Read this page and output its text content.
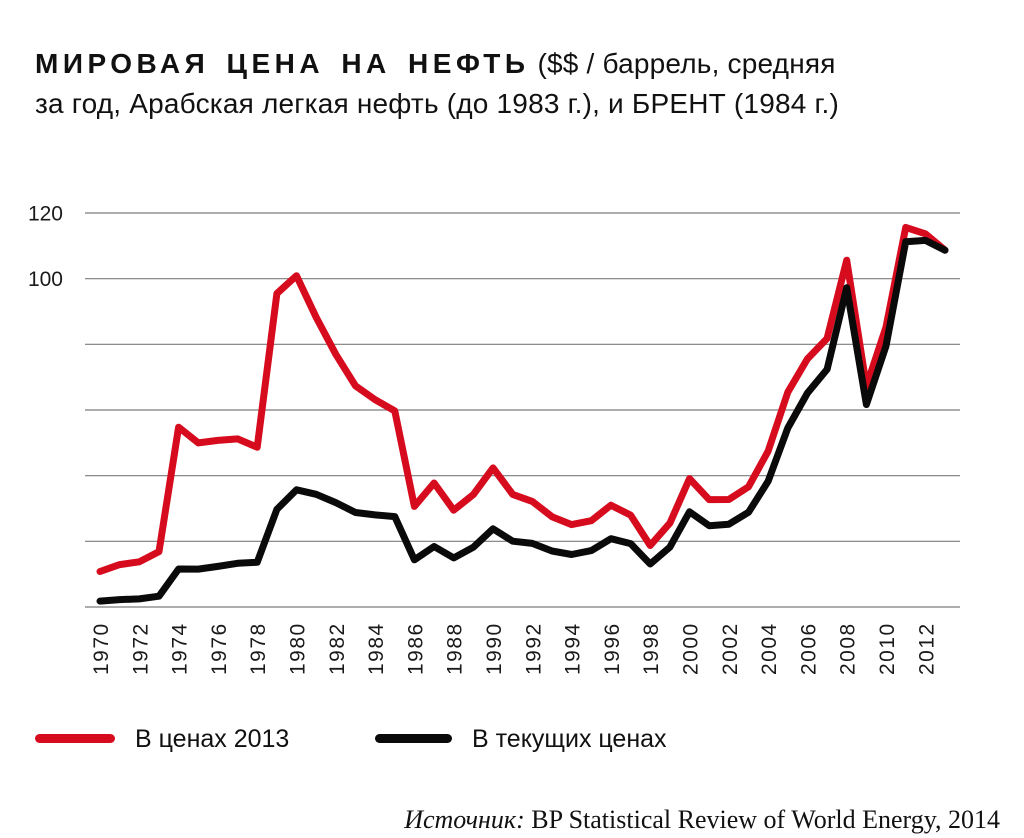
МИРОВАЯ ЦЕНА НА НЕФТЬ ($$ / баррель, средняя
за год, Арабская легкая нефть (до 1983 г.), и БРЕНТ (1984 г.)
120
100
1970 1972 1974 1976 1978 1980 1982 1984 1986 1988 1990 1992 1994 1996 1998 2000 2002 2004 2006 2008 2010 2012
В ценах 2013	В текущих ценах
Источник: BP Statistical Review of World Energy, 2014
